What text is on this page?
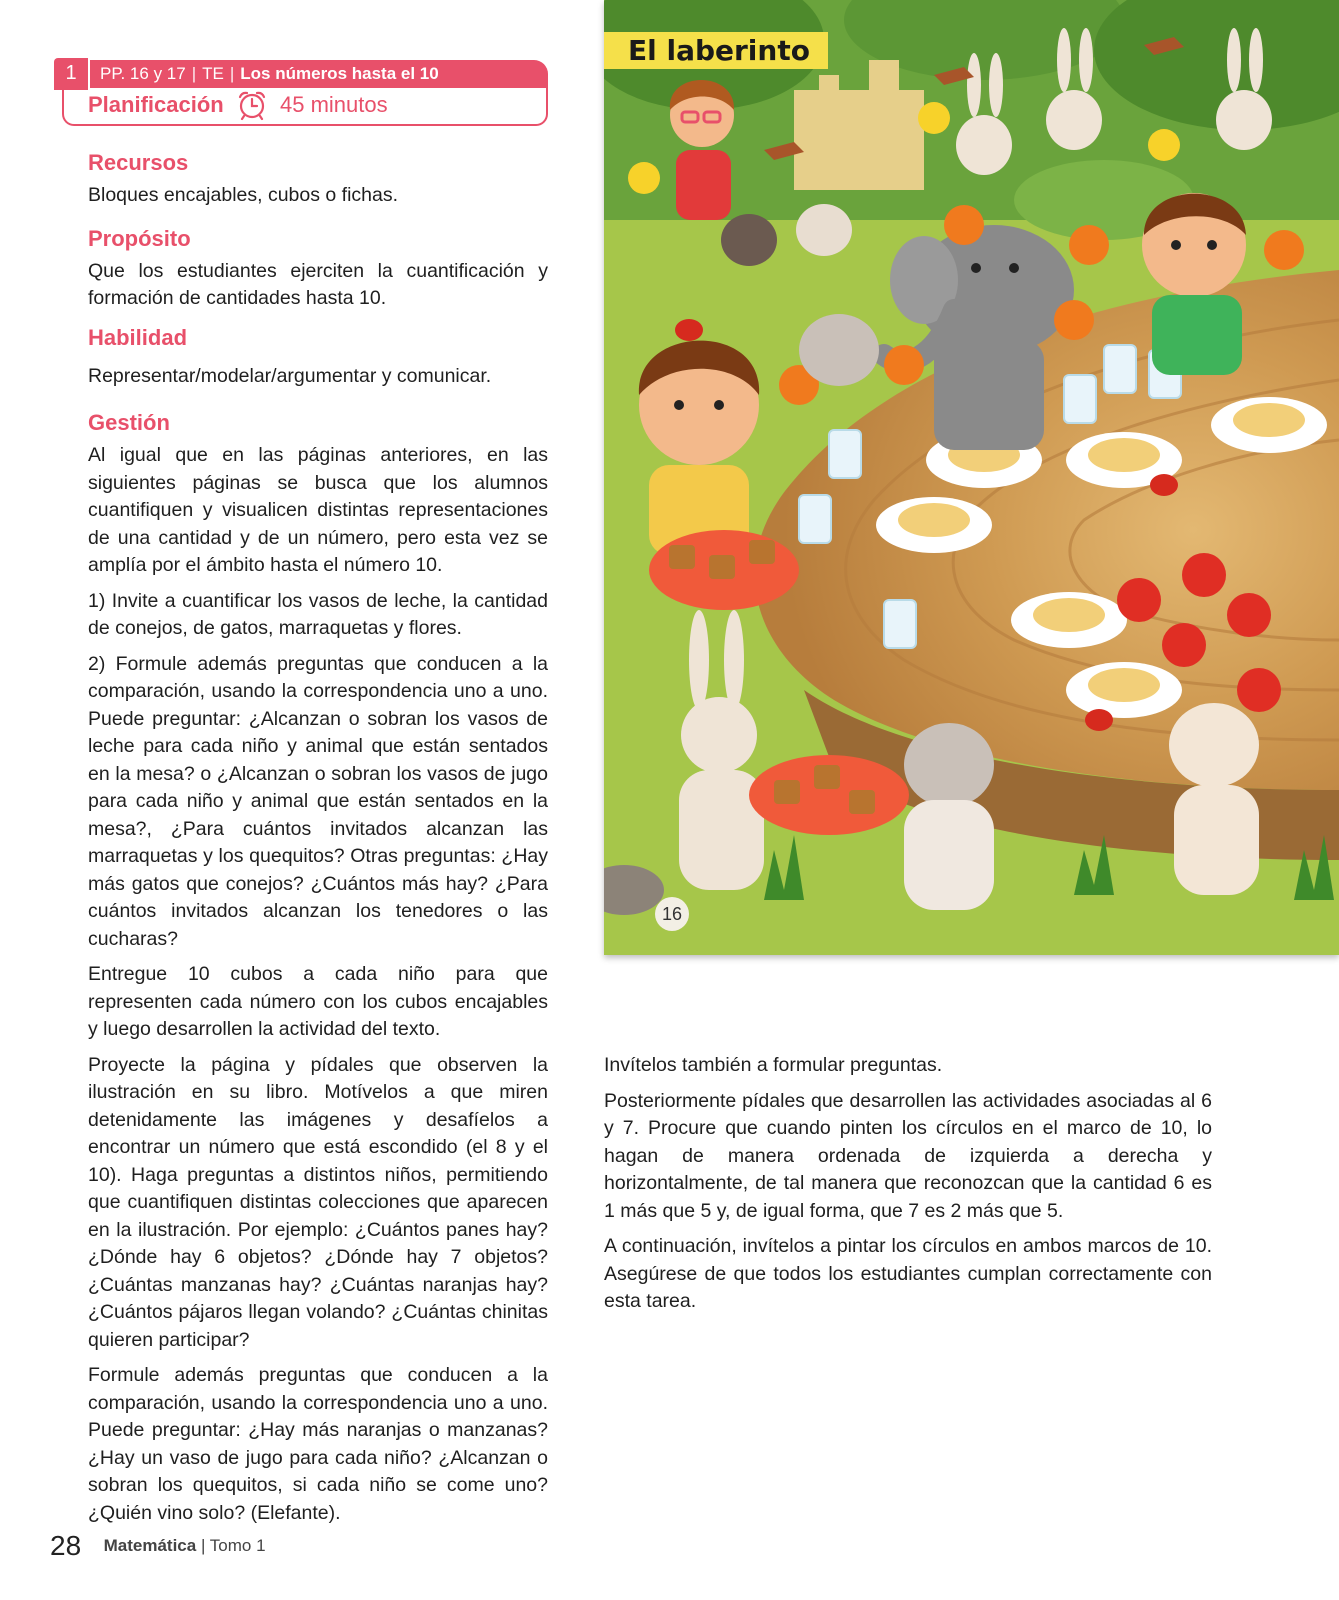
1	PP. 16 y 17 | TE | Los números hasta el 10
Planificación	45 minutos
Recursos

Bloques encajables, cubos o fichas.

Propósito

Que los estudiantes ejerciten la cuantificación y formación de cantidades hasta 10.

Habilidad

Representar/modelar/argumentar y comunicar.

Gestión

Al igual que en las páginas anteriores, en las siguientes páginas se busca que los alumnos cuantifiquen y visualicen distintas representaciones de una cantidad y de un número, pero esta vez se amplía por el ámbito hasta el número 10.

1) Invite a cuantificar los vasos de leche, la cantidad de conejos, de gatos, marraquetas y flores.

2) Formule además preguntas que conducen a la comparación, usando la correspondencia uno a uno. Puede preguntar: ¿Alcanzan o sobran los vasos de leche para cada niño y animal que están sentados en la mesa? o ¿Alcanzan o sobran los vasos de jugo para cada niño y animal que están sentados en la mesa?, ¿Para cuántos invitados alcanzan las marraquetas y los quequitos? Otras preguntas: ¿Hay más gatos que conejos? ¿Cuántos más hay? ¿Para cuántos invitados alcanzan los tenedores o las cucharas?

Entregue 10 cubos a cada niño para que representen cada número con los cubos encajables y luego desarrollen la actividad del texto.

Proyecte la página y pídales que observen la ilustración en su libro. Motívelos a que miren detenidamente las imágenes y desafíelos a encontrar un número que está escondido (el 8 y el 10). Haga preguntas a distintos niños, permitiendo que cuantifiquen distintas colecciones que aparecen en la ilustración. Por ejemplo: ¿Cuántos panes hay? ¿Dónde hay 6 objetos? ¿Dónde hay 7 objetos? ¿Cuántas manzanas hay? ¿Cuántas naranjas hay? ¿Cuántos pájaros llegan volando? ¿Cuántas chinitas quieren participar?

Formule además preguntas que conducen a la comparación, usando la correspondencia uno a uno. Puede preguntar: ¿Hay más naranjas o manzanas? ¿Hay un vaso de jugo para cada niño? ¿Alcanzan o sobran los quequitos, si cada niño se come uno? ¿Quién vino solo? (Elefante).

El laberinto
16

Invítelos también a formular preguntas.

Posteriormente pídales que desarrollen las actividades asociadas al 6 y 7. Procure que cuando pinten los círculos en el marco de 10, lo hagan de manera ordenada de izquierda a derecha y horizontalmente, de tal manera que reconozcan que la cantidad 6 es 1 más que 5 y, de igual forma, que 7 es 2 más que 5.

A continuación, invítelos a pintar los círculos en ambos marcos de 10. Asegúrese de que todos los estudiantes cumplan correctamente con esta tarea.

28 Matemática | Tomo 1
